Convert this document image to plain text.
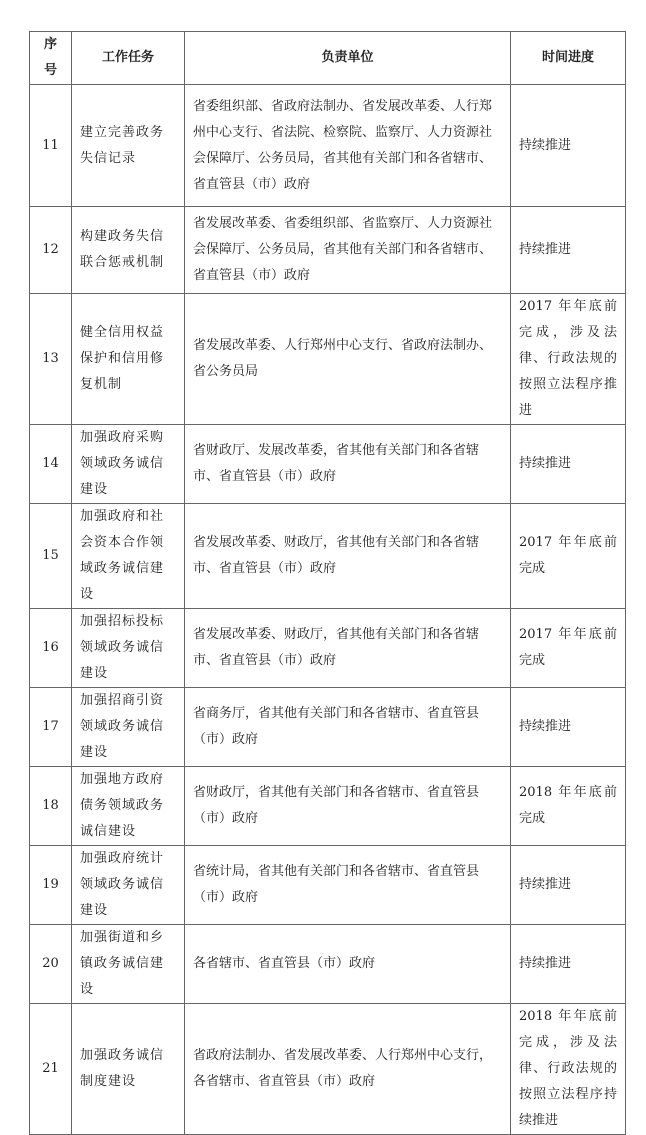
序号	工作任务	负责单位	时间进度
11	建立完善政务失信记录	省委组织部、省政府法制办、省发展改革委、人行郑州中心支行、省法院、检察院、监察厅、人力资源社会保障厅、公务员局，省其他有关部门和各省辖市、省直管县（市）政府	持续推进
12	构建政务失信联合惩戒机制	省发展改革委、省委组织部、省监察厅、人力资源社会保障厅、公务员局，省其他有关部门和各省辖市、省直管县（市）政府	持续推进
13	健全信用权益保护和信用修复机制	省发展改革委、人行郑州中心支行、省政府法制办、省公务员局	2017 年年底前完成，涉及法律、行政法规的按照立法程序推进
14	加强政府采购领域政务诚信建设	省财政厅、发展改革委，省其他有关部门和各省辖市、省直管县（市）政府	持续推进
15	加强政府和社会资本合作领域政务诚信建设	省发展改革委、财政厅，省其他有关部门和各省辖市、省直管县（市）政府	2017 年年底前完成
16	加强招标投标领域政务诚信建设	省发展改革委、财政厅，省其他有关部门和各省辖市、省直管县（市）政府	2017 年年底前完成
17	加强招商引资领域政务诚信建设	省商务厅，省其他有关部门和各省辖市、省直管县（市）政府	持续推进
18	加强地方政府债务领域政务诚信建设	省财政厅，省其他有关部门和各省辖市、省直管县（市）政府	2018 年年底前完成
19	加强政府统计领域政务诚信建设	省统计局，省其他有关部门和各省辖市、省直管县（市）政府	持续推进
20	加强街道和乡镇政务诚信建设	各省辖市、省直管县（市）政府	持续推进
21	加强政务诚信制度建设	省政府法制办、省发展改革委、人行郑州中心支行，各省辖市、省直管县（市）政府	2018 年年底前完成，涉及法律、行政法规的按照立法程序持续推进
